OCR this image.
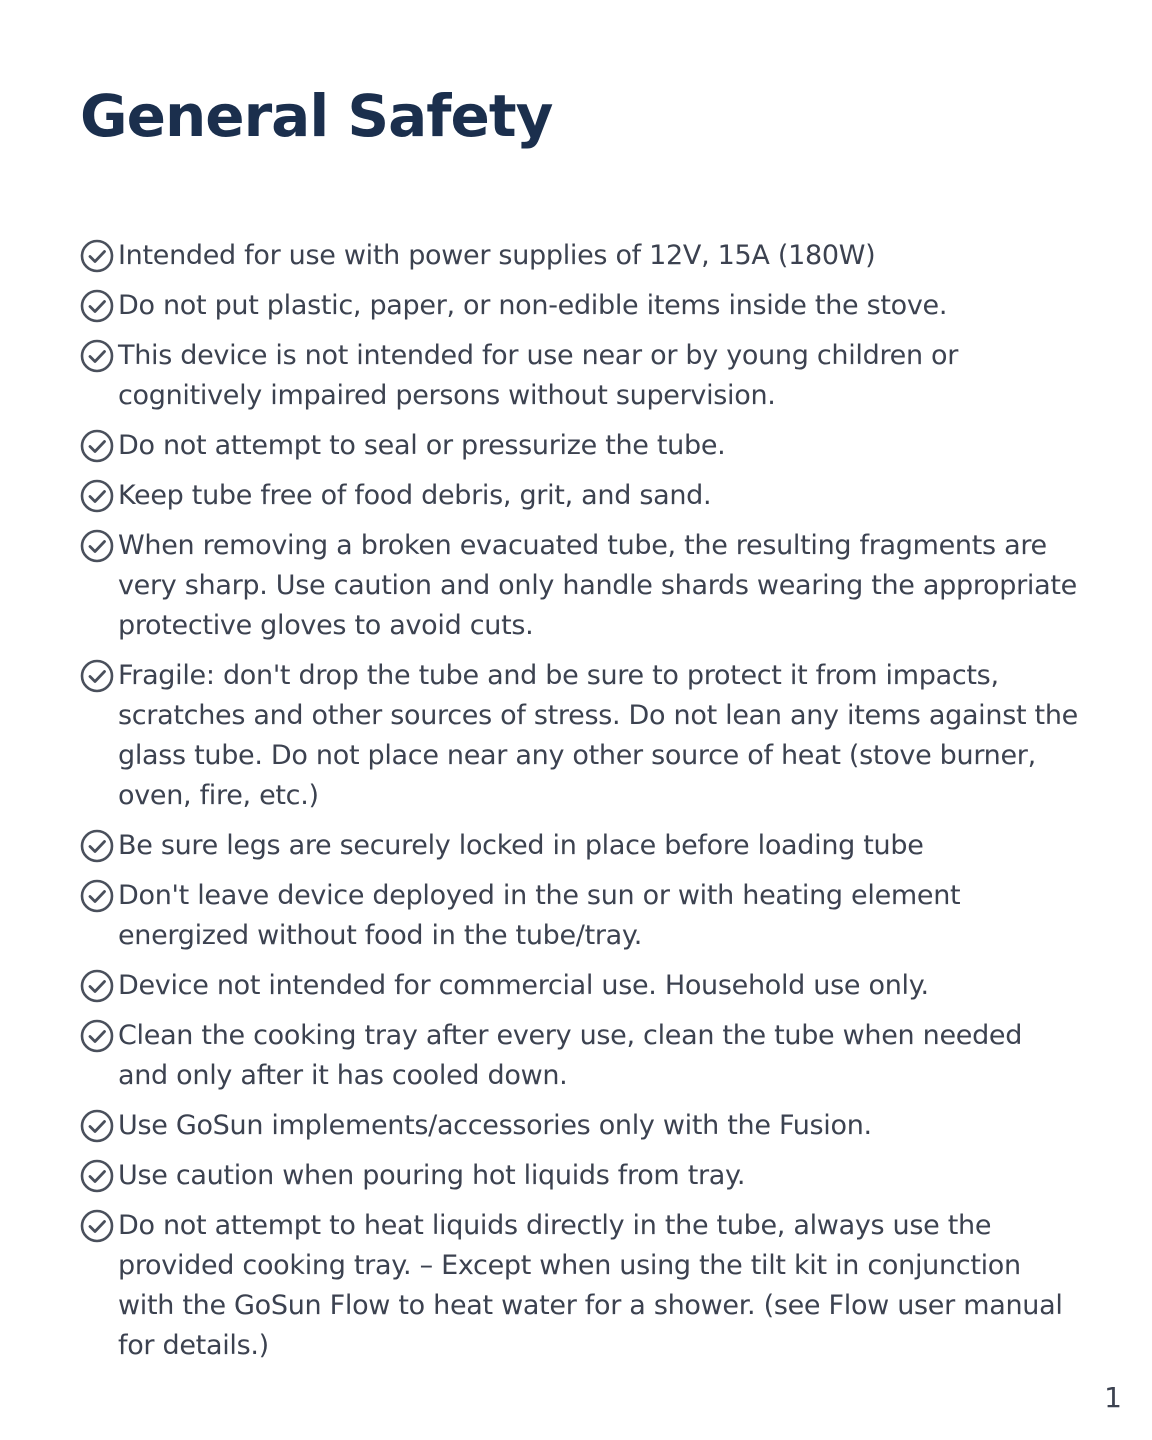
General Safety
Intended for use with power supplies of 12V, 15A (180W)
Do not put plastic, paper, or non-edible items inside the stove.
This device is not intended for use near or by young children or cognitively impaired persons without supervision.
Do not attempt to seal or pressurize the tube.
Keep tube free of food debris, grit, and sand.
When removing a broken evacuated tube, the resulting fragments are very sharp. Use caution and only handle shards wearing the appropriate protective gloves to avoid cuts.
Fragile: don't drop the tube and be sure to protect it from impacts, scratches and other sources of stress. Do not lean any items against the glass tube. Do not place near any other source of heat (stove burner, oven, fire, etc.)
Be sure legs are securely locked in place before loading tube
Don't leave device deployed in the sun or with heating element energized without food in the tube/tray.
Device not intended for commercial use. Household use only.
Clean the cooking tray after every use, clean the tube when needed and only after it has cooled down.
Use GoSun implements/accessories only with the Fusion.
Use caution when pouring hot liquids from tray.
Do not attempt to heat liquids directly in the tube, always use the provided cooking tray. – Except when using the tilt kit in conjunction with the GoSun Flow to heat water for a shower. (see Flow user manual for details.)
1
